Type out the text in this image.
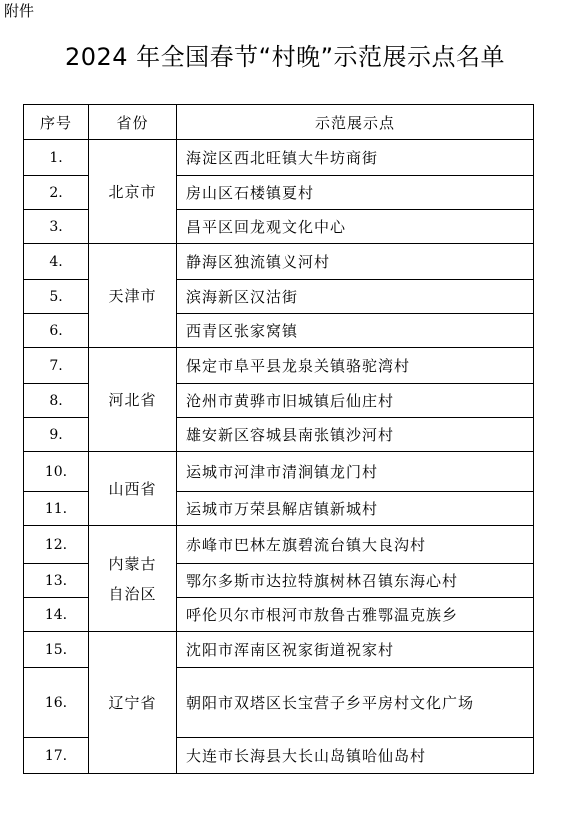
附件
2024 年全国春节“村晚”示范展示点名单
序号	省份	示范展示点
1.	北京市	海淀区西北旺镇大牛坊商街
2.		房山区石楼镇夏村
3.		昌平区回龙观文化中心
4.	天津市	静海区独流镇义河村
5.		滨海新区汉沽街
6.		西青区张家窝镇
7.	河北省	保定市阜平县龙泉关镇骆驼湾村
8.		沧州市黄骅市旧城镇后仙庄村
9.		雄安新区容城县南张镇沙河村
10.	山西省	运城市河津市清涧镇龙门村
11.		运城市万荣县解店镇新城村
12.	内蒙古自治区	赤峰市巴林左旗碧流台镇大良沟村
13.		鄂尔多斯市达拉特旗树林召镇东海心村
14.		呼伦贝尔市根河市敖鲁古雅鄂温克族乡
15.	辽宁省	沈阳市浑南区祝家街道祝家村
16.		朝阳市双塔区长宝营子乡平房村文化广场
17.		大连市长海县大长山岛镇哈仙岛村
